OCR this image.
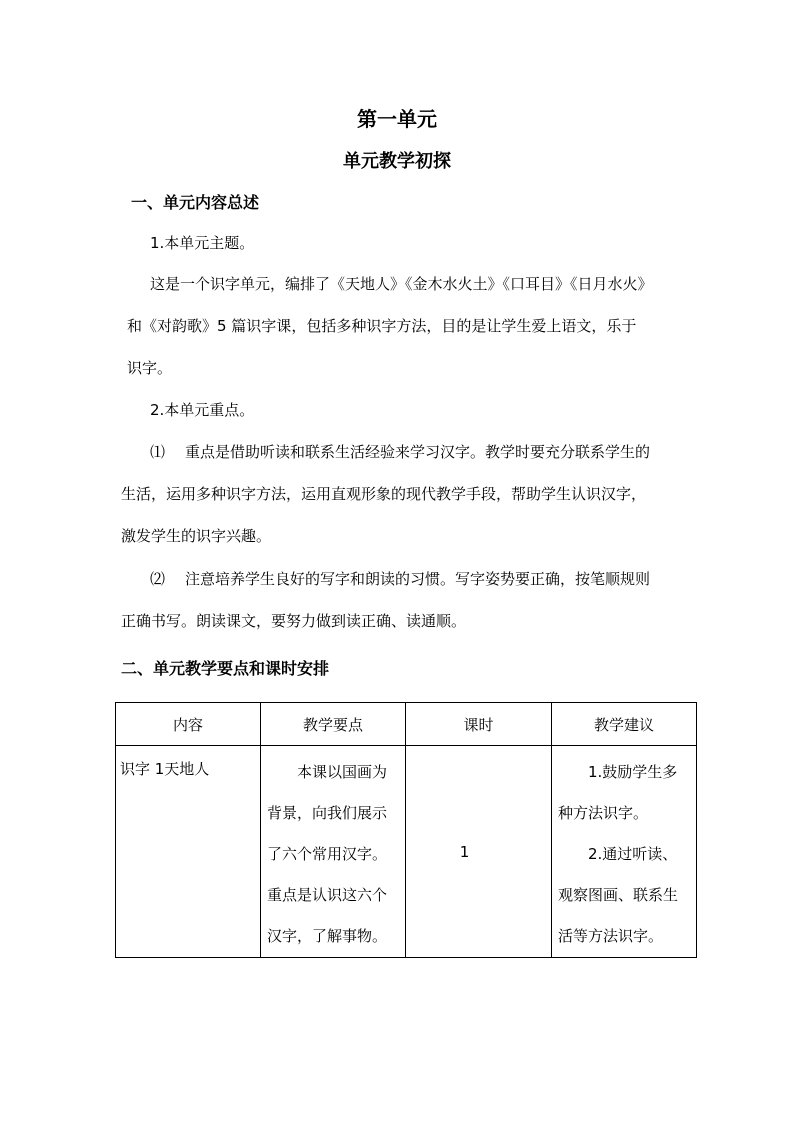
第一单元
单元教学初探
一、单元内容总述
1.本单元主题。
这是一个识字单元，编排了《天地人》《金木水火土》《口耳目》《日月水火》
和《对韵歌》5 篇识字课，包括多种识字方法，目的是让学生爱上语文，乐于
识字。
2.本单元重点。
⑴ 重点是借助听读和联系生活经验来学习汉字。教学时要充分联系学生的
生活，运用多种识字方法，运用直观形象的现代教学手段，帮助学生认识汉字，
激发学生的识字兴趣。
⑵ 注意培养学生良好的写字和朗读的习惯。写字姿势要正确，按笔顺规则
正确书写。朗读课文，要努力做到读正确、读通顺。
二、单元教学要点和课时安排
内容	教学要点	课时	教学建议

识字 1天地人	本课以国画为背景，向我们展示了六个常用汉字。重点是认识这六个汉字，了解事物。	1	1.鼓励学生多种方法识字。
2.通过听读、观察图画、联系生活等方法识字。
